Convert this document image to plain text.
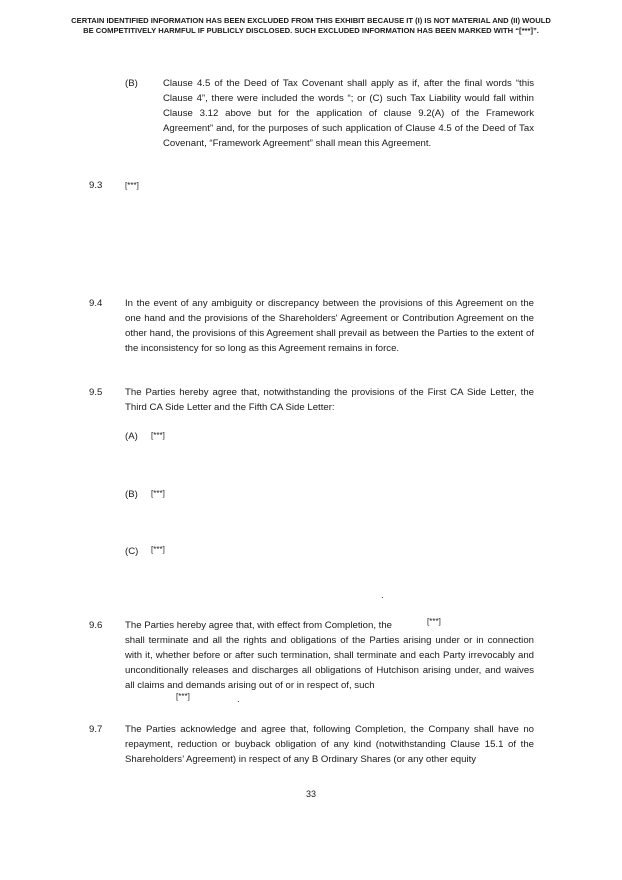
CERTAIN IDENTIFIED INFORMATION HAS BEEN EXCLUDED FROM THIS EXHIBIT BECAUSE IT (I) IS NOT MATERIAL AND (II) WOULD
BE COMPETITIVELY HARMFUL IF PUBLICLY DISCLOSED. SUCH EXCLUDED INFORMATION HAS BEEN MARKED WITH “[***]”.
(B)	Clause 4.5 of the Deed of Tax Covenant shall apply as if, after the final words “this Clause 4”, there were included the words “; or (C) such Tax Liability would fall within Clause 3.12 above but for the application of clause 9.2(A) of the Framework Agreement” and, for the purposes of such application of Clause 4.5 of the Deed of Tax Covenant, “Framework Agreement” shall mean this Agreement.
9.3	[***]
9.4 In the event of any ambiguity or discrepancy between the provisions of this Agreement on the one hand and the provisions of the Shareholders' Agreement or Contribution Agreement on the other hand, the provisions of this Agreement shall prevail as between the Parties to the extent of the inconsistency for so long as this Agreement remains in force.
9.5 The Parties hereby agree that, notwithstanding the provisions of the First CA Side Letter, the Third CA Side Letter and the Fifth CA Side Letter:
(A) [***]
(B) [***]
(C) [***]
.
9.6 The Parties hereby agree that, with effect from Completion, the	[***]
shall terminate and all the rights and obligations of the Parties arising under or in connection with it, whether before or after such termination, shall terminate and each Party irrevocably and unconditionally releases and discharges all obligations of Hutchison arising under, and waives all claims and demands arising out of or in respect of, such
[***]	.
9.7 The Parties acknowledge and agree that, following Completion, the Company shall have no repayment, reduction or buyback obligation of any kind (notwithstanding Clause 15.1 of the Shareholders’ Agreement) in respect of any B Ordinary Shares (or any other equity
33
